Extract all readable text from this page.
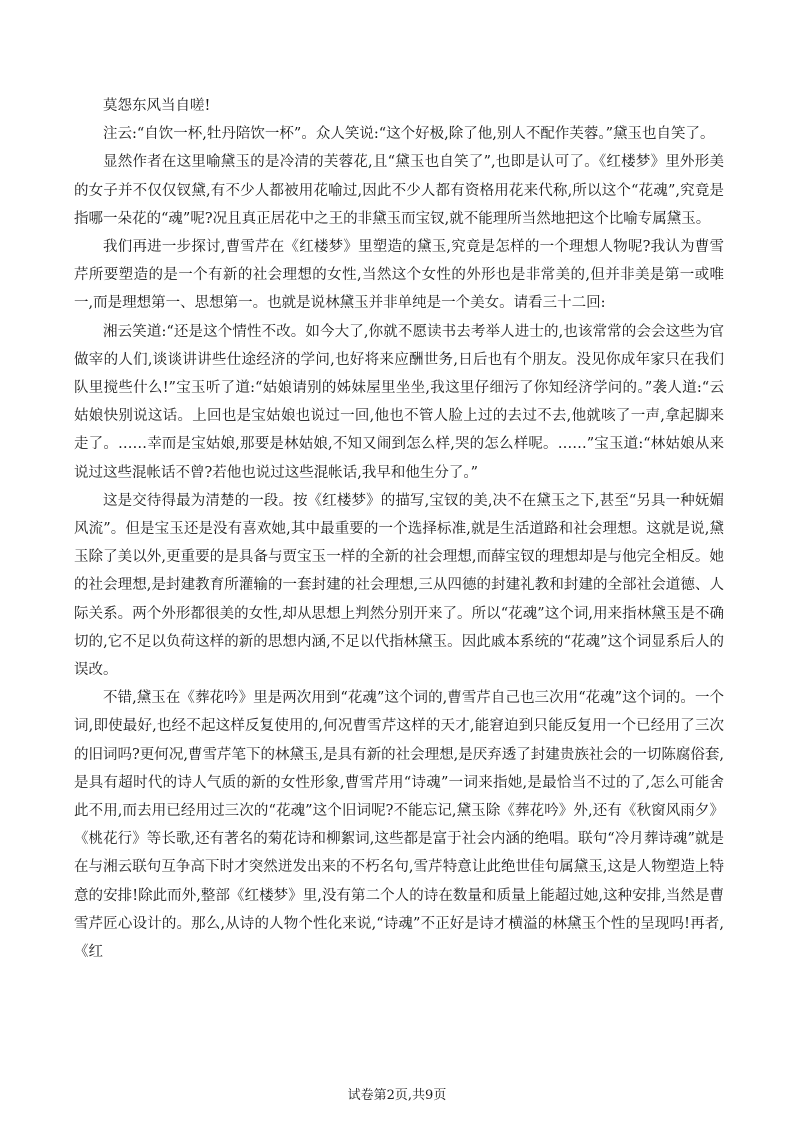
莫怨东风当自嗟!

注云:“自饮一杯,牡丹陪饮一杯”。众人笑说:“这个好极,除了他,别人不配作芙蓉。”黛玉也自笑了。

显然作者在这里喻黛玉的是冷清的芙蓉花,且“黛玉也自笑了”,也即是认可了。《红楼梦》里外形美的女子并不仅仅钗黛,有不少人都被用花喻过,因此不少人都有资格用花来代称,所以这个“花魂”,究竟是指哪一朵花的“魂”呢?况且真正居花中之王的非黛玉而宝钗,就不能理所当然地把这个比喻专属黛玉。

我们再进一步探讨,曹雪芹在《红楼梦》里塑造的黛玉,究竟是怎样的一个理想人物呢?我认为曹雪芹所要塑造的是一个有新的社会理想的女性,当然这个女性的外形也是非常美的,但并非美是第一或唯一,而是理想第一、思想第一。也就是说林黛玉并非单纯是一个美女。请看三十二回:

湘云笑道:“还是这个情性不改。如今大了,你就不愿读书去考举人进士的,也该常常的会会这些为官做宰的人们,谈谈讲讲些仕途经济的学问,也好将来应酬世务,日后也有个朋友。没见你成年家只在我们队里搅些什么!”宝玉听了道:“姑娘请别的姊妹屋里坐坐,我这里仔细污了你知经济学问的。”袭人道:“云姑娘快别说这话。上回也是宝姑娘也说过一回,他也不管人脸上过的去过不去,他就咳了一声,拿起脚来走了。……幸而是宝姑娘,那要是林姑娘,不知又闹到怎么样,哭的怎么样呢。……”宝玉道:“林姑娘从来说过这些混帐话不曾?若他也说过这些混帐话,我早和他生分了。”

这是交待得最为清楚的一段。按《红楼梦》的描写,宝钗的美,决不在黛玉之下,甚至“另具一种妩媚风流”。但是宝玉还是没有喜欢她,其中最重要的一个选择标准,就是生活道路和社会理想。这就是说,黛玉除了美以外,更重要的是具备与贾宝玉一样的全新的社会理想,而薛宝钗的理想却是与他完全相反。她的社会理想,是封建教育所灌输的一套封建的社会理想,三从四德的封建礼教和封建的全部社会道德、人际关系。两个外形都很美的女性,却从思想上判然分别开来了。所以“花魂”这个词,用来指林黛玉是不确切的,它不足以负荷这样的新的思想内涵,不足以代指林黛玉。因此戚本系统的“花魂”这个词显系后人的误改。

不错,黛玉在《葬花吟》里是两次用到“花魂”这个词的,曹雪芹自己也三次用“花魂”这个词的。一个词,即使最好,也经不起这样反复使用的,何况曹雪芹这样的天才,能窘迫到只能反复用一个已经用了三次的旧词吗?更何况,曹雪芹笔下的林黛玉,是具有新的社会理想,是厌弃透了封建贵族社会的一切陈腐俗套,是具有超时代的诗人气质的新的女性形象,曹雪芹用“诗魂”一词来指她,是最恰当不过的了,怎么可能舍此不用,而去用已经用过三次的“花魂”这个旧词呢?不能忘记,黛玉除《葬花吟》外,还有《秋窗风雨夕》《桃花行》等长歌,还有著名的菊花诗和柳絮词,这些都是富于社会内涵的绝唱。联句“冷月葬诗魂”就是在与湘云联句互争高下时才突然迸发出来的不朽名句,雪芹特意让此绝世佳句属黛玉,这是人物塑造上特意的安排!除此而外,整部《红楼梦》里,没有第二个人的诗在数量和质量上能超过她,这种安排,当然是曹雪芹匠心设计的。那么,从诗的人物个性化来说,“诗魂”不正好是诗才横溢的林黛玉个性的呈现吗!再者,《红

试卷第2页,共9页
